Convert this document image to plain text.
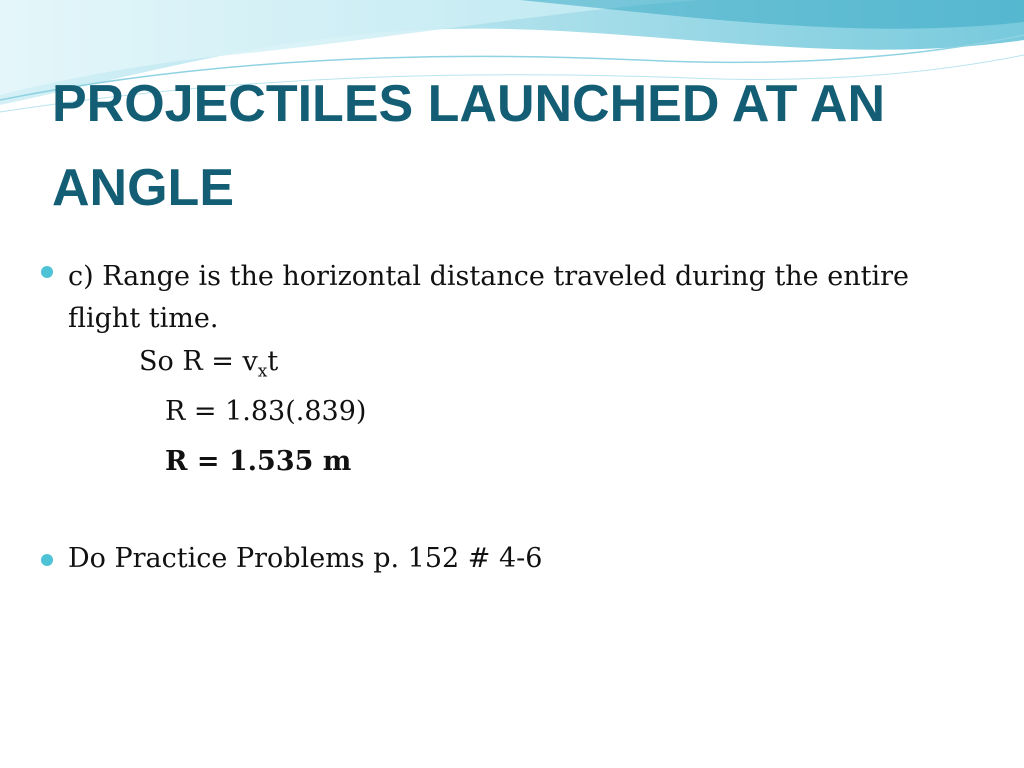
PROJECTILES LAUNCHED AT AN
ANGLE
c) Range is the horizontal distance traveled during the entire flight time.
So $R = v_xt$
R = 1.83(.839)
R = 1.535 m
Do Practice Problems p. 152 # 4-6
